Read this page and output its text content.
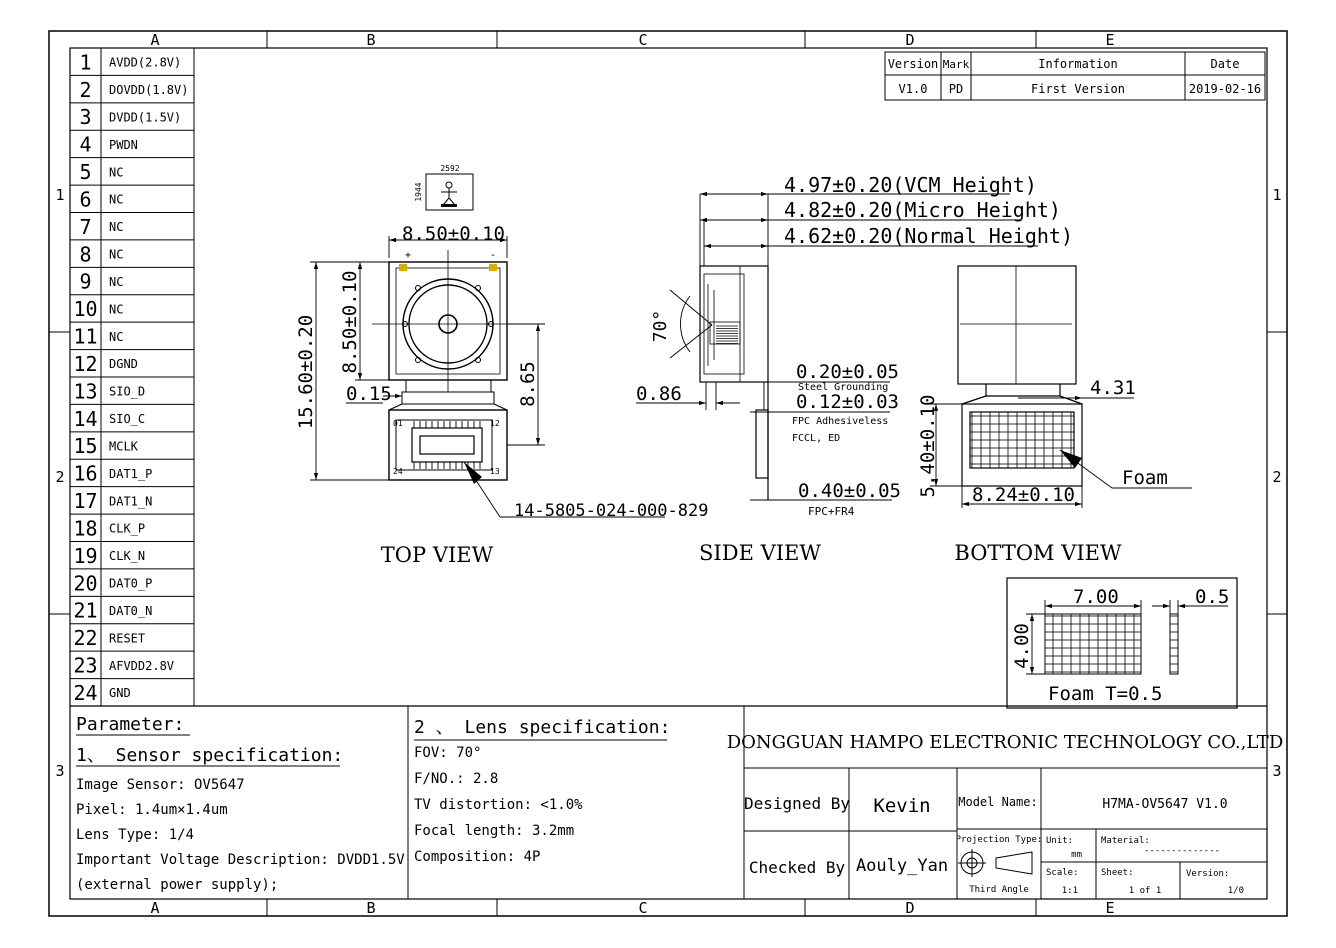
A	B	C	D	E
A	B	C	D	E
1
2
3
1
2
3
Version Mark	Information	Date
V1.0 PD	First Version	2019-02-16
1 AVDD(2.8V)
2 DOVDD(1.8V)
3 DVDD(1.5V)
4 PWDN
5 NC
6 NC
7 NC
8 NC
9 NC
10 NC
11 NC
12 DGND
13 SIO_D
14 SIO_C
15 MCLK
16 DAT1_P
17 DAT1_N
18 CLK_P
19 CLK_N
20 DAT0_P
21 DAT0_N
22 RESET
23 AFVDD2.8V
24 GND
2592
1944
+	-
01	12
24	13
8.50±0.10
8.50±0.10
15.60±0.20	8.65
0.15
14-5805-024-000-829
TOP VIEW
4.97±0.20(VCM Height)
4.82±0.20(Micro Height)
4.62±0.20(Normal Height)
70°
0.86
0.20±0.05
Steel Grounding
0.12±0.03
FPC Adhesiveless
FCCL, ED
0.40±0.05
FPC+FR4
SIDE VIEW
4.31
5.40±0.10 8.24±0.10
Foam
BOTTOM VIEW
7.00	0.5
4.00
Foam T=0.5
Parameter:
1、 Sensor specification:
Image Sensor: OV5647
Pixel: 1.4um×1.4um
Lens Type: 1/4
Important Voltage Description: DVDD1.5V
(external power supply);
2 、 Lens specification:
FOV: 70°
F/NO.: 2.8
TV distortion: <1.0%
Focal length: 3.2mm
Composition: 4P
DONGGUAN HAMPO ELECTRONIC TECHNOLOGY CO.,LTD
Designed By Kevin
Checked By Aouly_Yan
Model Name:	H7MA-OV5647 V1.0
Projection Type:
Third Angle
Unit:
mm
Material:
--------------
Scale:
1:1
Sheet:
1 of 1
Version:
1/0
